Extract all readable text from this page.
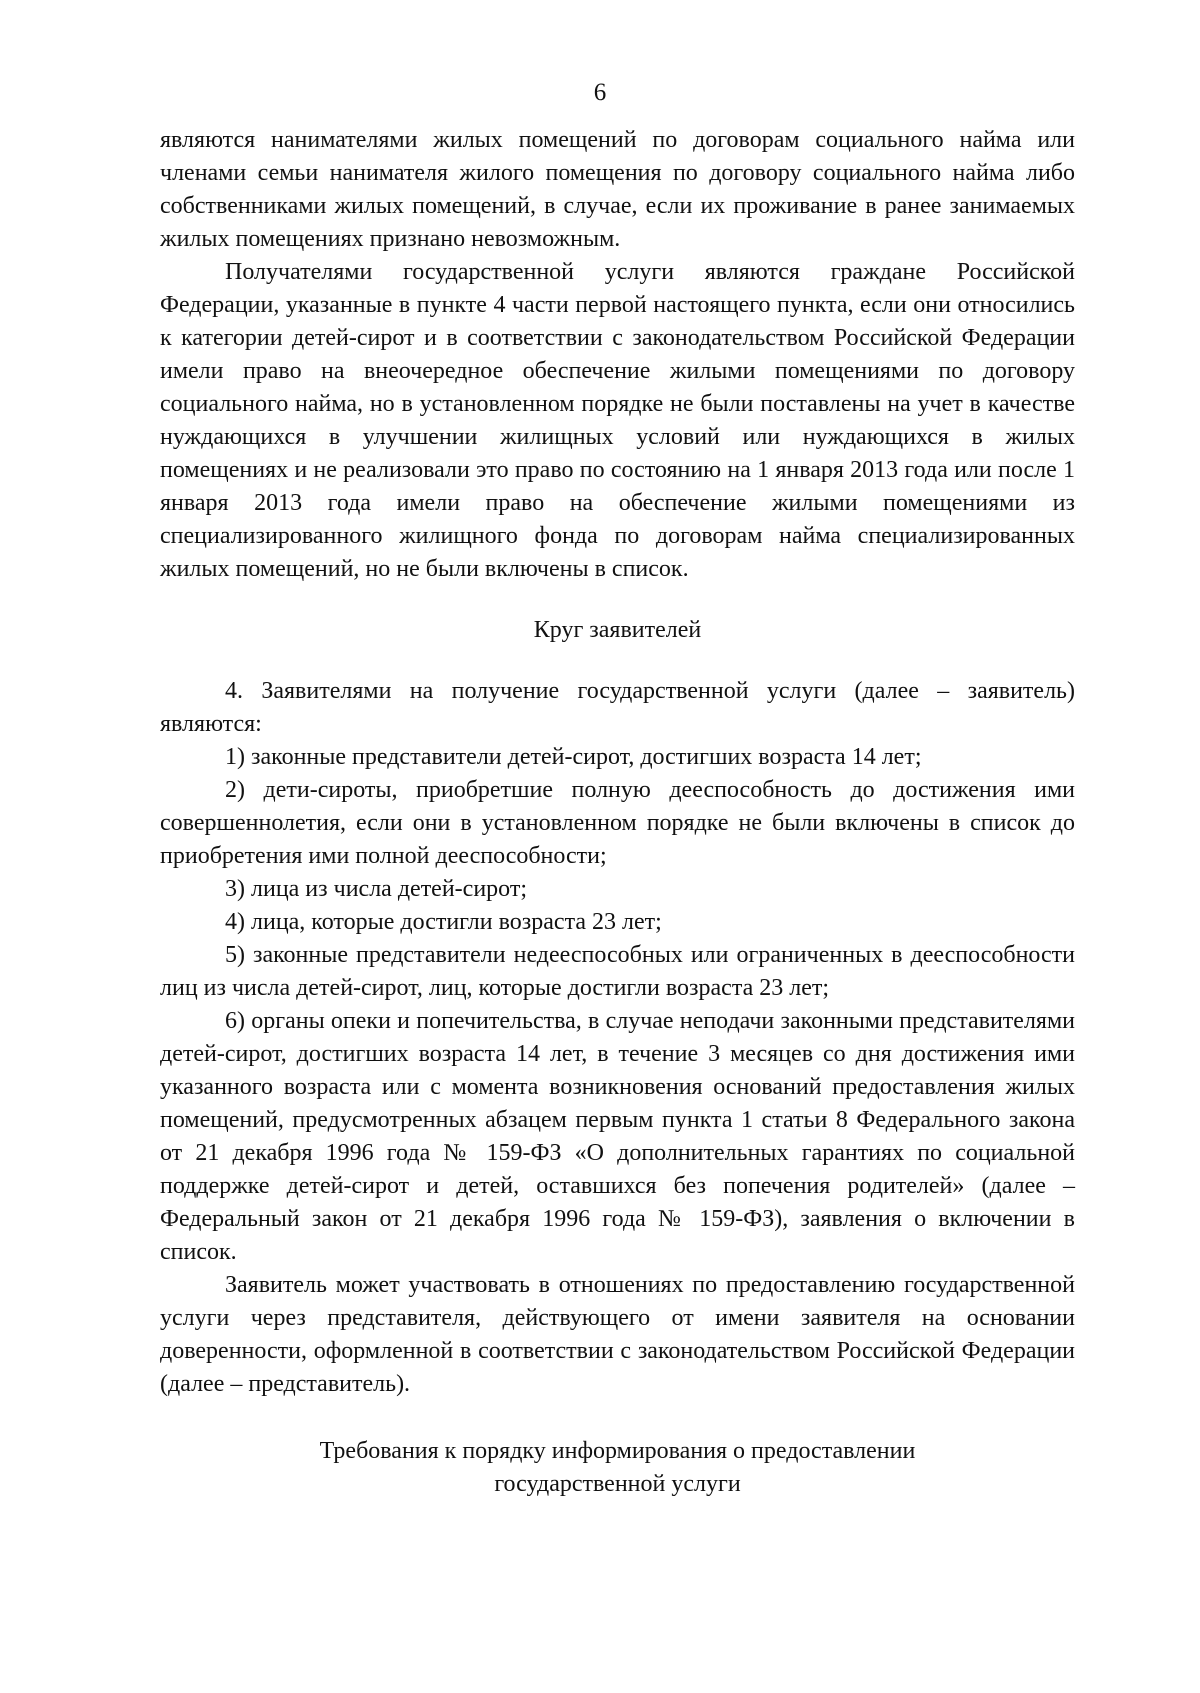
6

являются нанимателями жилых помещений по договорам социального найма или членами семьи нанимателя жилого помещения по договору социального найма либо собственниками жилых помещений, в случае, если их проживание в ранее занимаемых жилых помещениях признано невозможным.

Получателями государственной услуги являются граждане Российской Федерации, указанные в пункте 4 части первой настоящего пункта, если они относились к категории детей-сирот и в соответствии с законодательством Российской Федерации имели право на внеочередное обеспечение жилыми помещениями по договору социального найма, но в установленном порядке не были поставлены на учет в качестве нуждающихся в улучшении жилищных условий или нуждающихся в жилых помещениях и не реализовали это право по состоянию на 1 января 2013 года или после 1 января 2013 года имели право на обеспечение жилыми помещениями из специализированного жилищного фонда по договорам найма специализированных жилых помещений, но не были включены в список.

Круг заявителей

4. Заявителями на получение государственной услуги (далее – заявитель) являются:

1) законные представители детей-сирот, достигших возраста 14 лет;

2) дети-сироты, приобретшие полную дееспособность до достижения ими совершеннолетия, если они в установленном порядке не были включены в список до приобретения ими полной дееспособности;

3) лица из числа детей-сирот;

4) лица, которые достигли возраста 23 лет;

5) законные представители недееспособных или ограниченных в дееспособности лиц из числа детей-сирот, лиц, которые достигли возраста 23 лет;

6) органы опеки и попечительства, в случае неподачи законными представителями детей-сирот, достигших возраста 14 лет, в течение 3 месяцев со дня достижения ими указанного возраста или с момента возникновения оснований предоставления жилых помещений, предусмотренных абзацем первым пункта 1 статьи 8 Федерального закона от 21 декабря 1996 года № 159-ФЗ «О дополнительных гарантиях по социальной поддержке детей-сирот и детей, оставшихся без попечения родителей» (далее – Федеральный закон от 21 декабря 1996 года № 159-ФЗ), заявления о включении в список.

Заявитель может участвовать в отношениях по предоставлению государственной услуги через представителя, действующего от имени заявителя на основании доверенности, оформленной в соответствии с законодательством Российской Федерации (далее – представитель).

Требования к порядку информирования о предоставлении
государственной услуги
